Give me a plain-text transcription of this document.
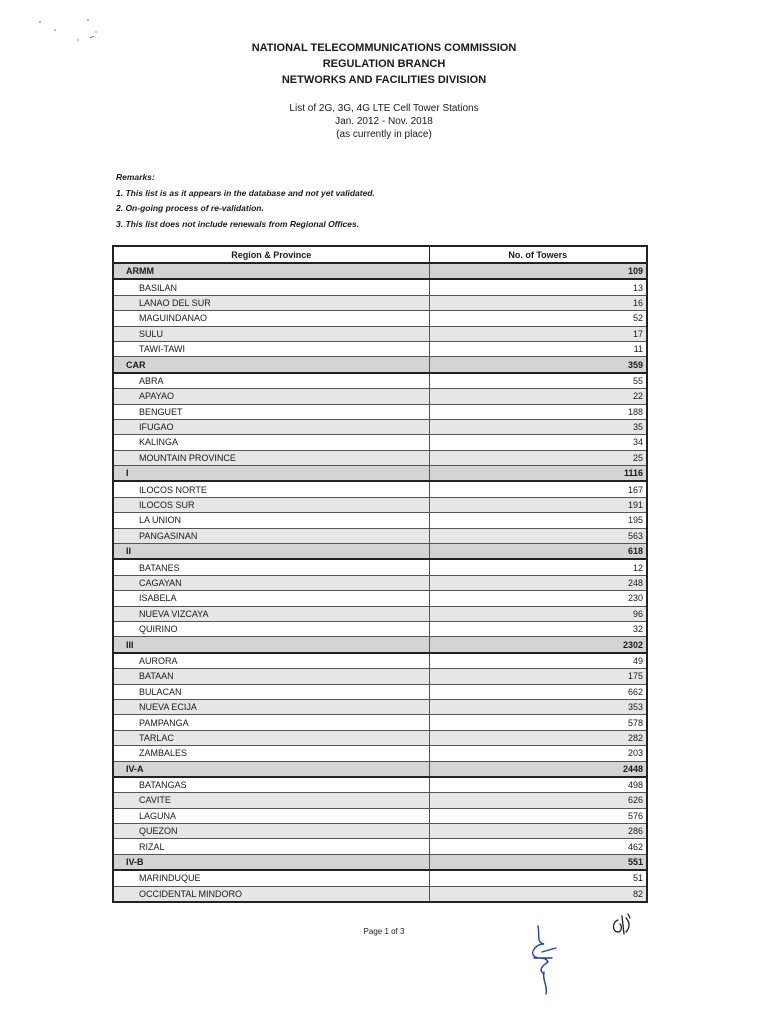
NATIONAL TELECOMMUNICATIONS COMMISSION
REGULATION BRANCH
NETWORKS AND FACILITIES DIVISION
List of 2G, 3G, 4G LTE Cell Tower Stations
Jan. 2012 - Nov. 2018
(as currently in place)
Remarks:
1. This list is as it appears in the database and not yet validated.
2. On-going process of re-validation.
3. This list does not include renewals from Regional Offices.
Region & Province	No. of Towers
ARMM	109
BASILAN	13
LANAO DEL SUR	16
MAGUINDANAO	52
SULU	17
TAWI-TAWI	11
CAR	359
ABRA	55
APAYAO	22
BENGUET	188
IFUGAO	35
KALINGA	34
MOUNTAIN PROVINCE	25
I	1116
ILOCOS NORTE	167
ILOCOS SUR	191
LA UNION	195
PANGASINAN	563
II	618
BATANES	12
CAGAYAN	248
ISABELA	230
NUEVA VIZCAYA	96
QUIRINO	32
III	2302
AURORA	49
BATAAN	175
BULACAN	662
NUEVA ECIJA	353
PAMPANGA	578
TARLAC	282
ZAMBALES	203
IV-A	2448
BATANGAS	498
CAVITE	626
LAGUNA	576
QUEZON	286
RIZAL	462
IV-B	551
MARINDUQUE	51
OCCIDENTAL MINDORO	82
Page 1 of 3
